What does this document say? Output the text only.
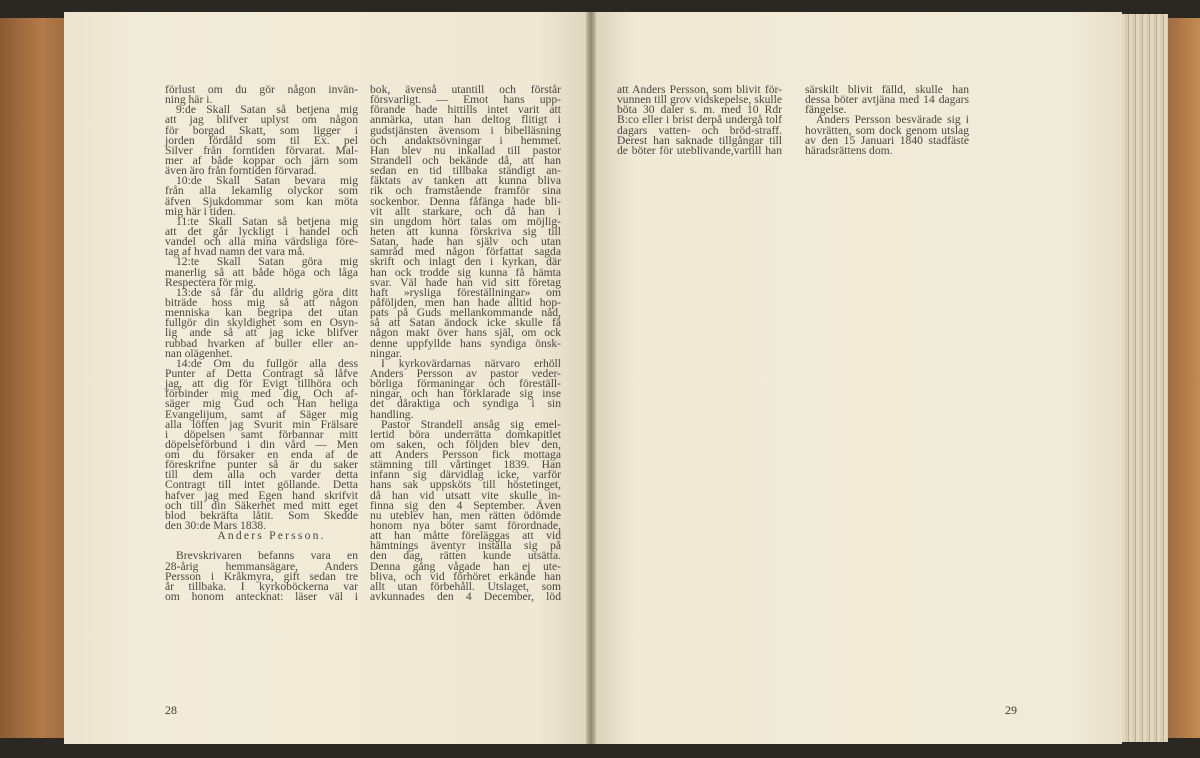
förlust om du gör någon invän-
ning här i.
9:de Skall Satan så betjena mig
att jag blifver uplyst om någon
för borgad Skatt, som ligger i
jorden fördåld som til Ex. pel
Silver från forntiden förvarat. Mal-
mer af både koppar och järn som
även äro från forntiden förvarad.
10:de Skall Satan bevara mig
från alla lekamlig olyckor som
äfven Sjukdommar som kan möta
mig här i tiden.
11:te Skall Satan så betjena mig
att det går lyckligt i handel och
vandel och alla mina värdsliga före-
tag af hvad namn det vara må.
12:te Skall Satan göra mig
manerlig så att både höga och låga
Respectera för mig.
13:de så får du alldrig göra ditt
biträde hoss mig så att någon
menniska kan begripa det utan
fullgör din skyldighet som en Osyn-
lig ande så att jag icke blifver
rubbad hvarken af buller eller an-
nan olägenhet.
14:de Om du fullgör alla dess
Punter af Detta Contragt så låfve
jag, att dig för Evigt tillhöra och
förbinder mig med dig, Och af-
säger mig Gud och Han heliga
Evangelijum, samt af Säger mig
alla löften jag Svurit min Frälsare
i döpelsen samt förbannar mitt
döpelseförbund i din vård — Men
om du försaker en enda af de
föreskrifne punter så är du saker
till dem alla och varder detta
Contragt till intet göllande. Detta
hafver jag med Egen hand skrifvit
och till din Säkerhet med mitt eget
blod bekräfta låtit. Som Skedde
den 30:de Mars 1838.
Anders Persson.
Brevskrivaren befanns vara en
28-årig hemmansägare, Anders
Persson i Kråkmyra, gift sedan tre
år tillbaka. I kyrkoböckerna var
om honom antecknat: läser väl i
bok, ävenså utantill och förstår
försvarligt. — Emot hans upp-
förande hade hittills intet varit att
anmärka, utan han deltog flitigt i
gudstjänsten ävensom i bibelläsning
och andaktsövningar i hemmet.
Han blev nu inkallad till pastor
Strandell och bekände då, att han
sedan en tid tillbaka ständigt an-
fäktats av tanken att kunna bliva
rik och framstående framför sina
sockenbor. Denna fåfänga hade bli-
vit allt starkare, och då han i
sin ungdom hört talas om möjlig-
heten att kunna förskriva sig till
Satan, hade han själv och utan
samråd med någon författat sagda
skrift och inlagt den i kyrkan, där
han ock trodde sig kunna få hämta
svar. Väl hade han vid sitt företag
haft »rysliga föreställningar» om
påföljden, men han hade alltid hop-
pats på Guds mellankommande nåd,
så att Satan ändock icke skulle få
någon makt över hans själ, om ock
denne uppfyllde hans syndiga önsk-
ningar.
I kyrkovärdarnas närvaro erhöll
Anders Persson av pastor veder-
börliga förmaningar och föreställ-
ningar, och han förklarade sig inse
det dåraktiga och syndiga i sin
handling.
Pastor Strandell ansåg sig emel-
lertid böra underrätta domkapitlet
om saken, och följden blev den,
att Anders Persson fick mottaga
stämning till vårtinget 1839. Han
infann sig därvidlag icke, varför
hans sak uppsköts till höstetinget,
då han vid utsatt vite skulle in-
finna sig den 4 September. Även
nu uteblev han, men rätten ödömde
honom nya böter samt förordnade,
att han måtte föreläggas att vid
hämtnings äventyr inställa sig på
den dag, rätten kunde utsätta.
Denna gång vågade han ej ute-
bliva, och vid förhöret erkände han
allt utan förbehåll. Utslaget, som
avkunnades den 4 December, löd
28
att Anders Persson, som blivit för-
vunnen till grov vidskepelse, skulle
böta 30 daler s. m. med 10 Rdr
B:co eller i brist derpå undergå tolf
dagars vatten- och bröd-straff.
Derest han saknade tillgångar till
de böter för uteblivande,vartill han
särskilt blivit fälld, skulle han
dessa böter avtjäna med 14 dagars
fängelse.
Anders Persson besvärade sig i
hovrätten, som dock genom utslag
av den 15 Januari 1840 stadfäste
häradsrättens dom.
29
